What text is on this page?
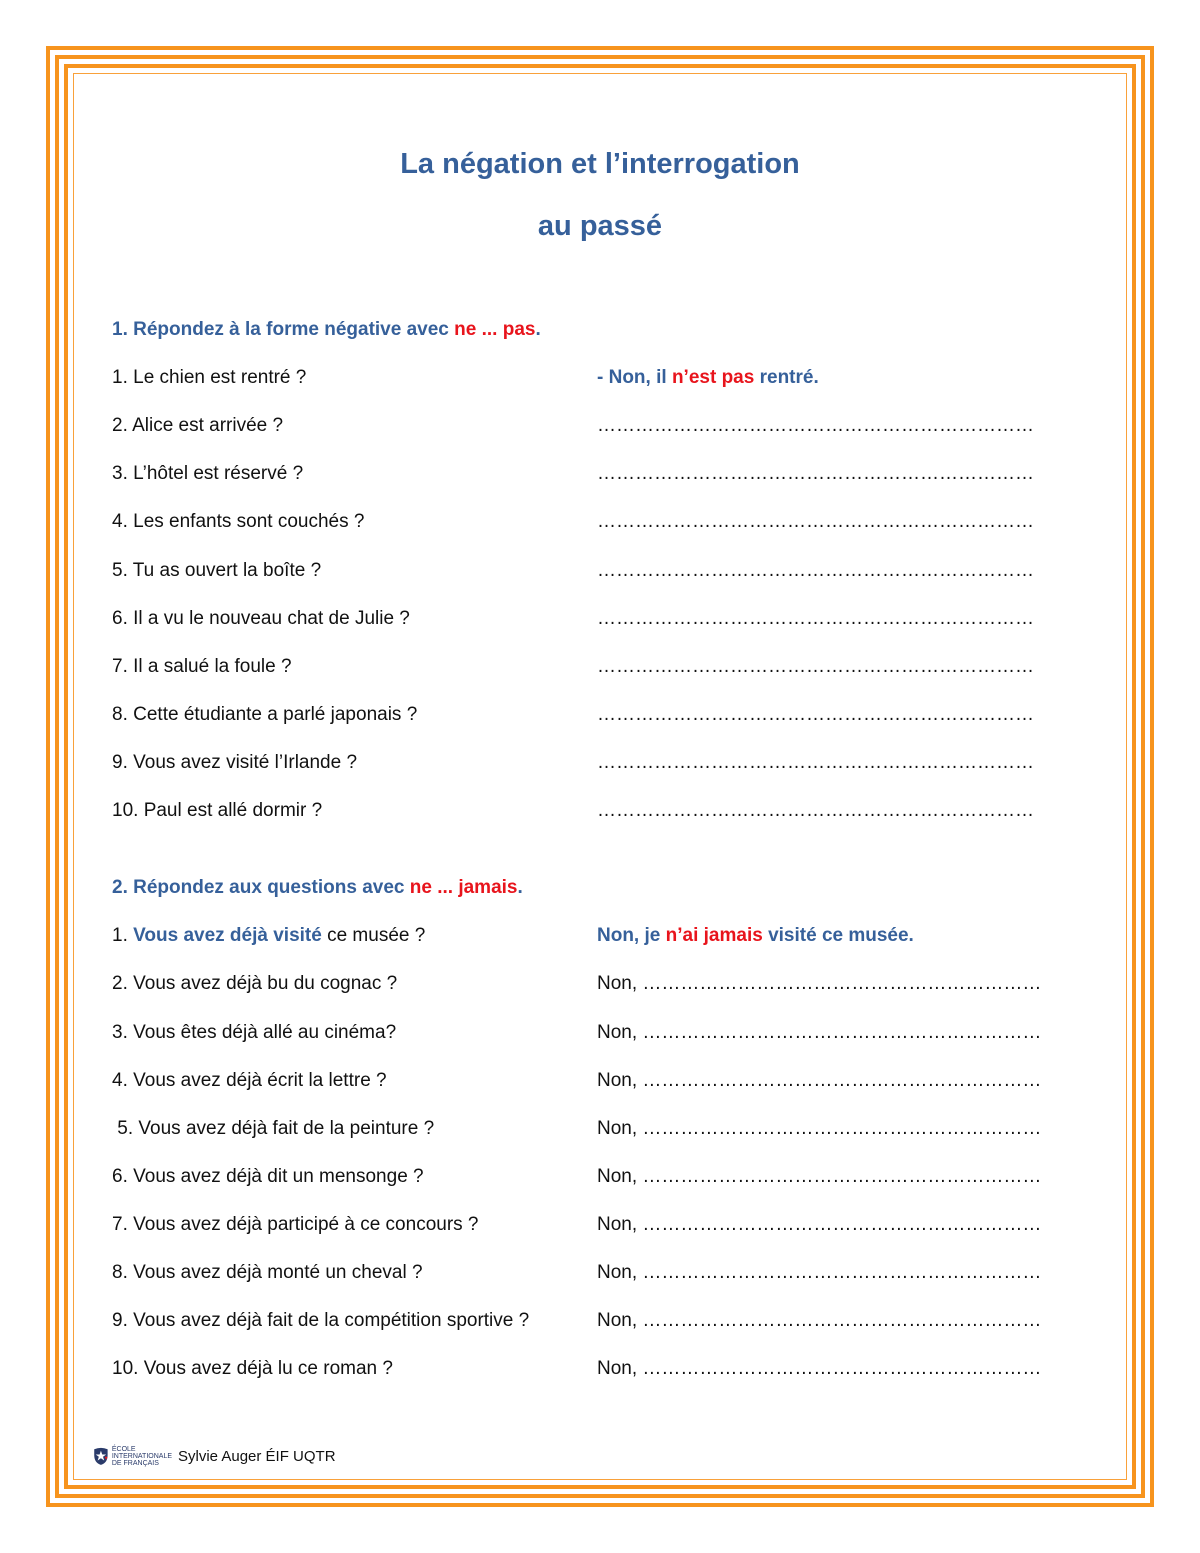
La négation et l’interrogation
au passé
1. Répondez à la forme négative avec ne ... pas.
1. Le chien est rentré ?	- Non, il n’est pas rentré.
2. Alice est arrivée ?	……………………………………………………………
3. L’hôtel est réservé ?	……………………………………………………………
4. Les enfants sont couchés ?	……………………………………………………………
5. Tu as ouvert la boîte ?	……………………………………………………………
6. Il a vu le nouveau chat de Julie ?	……………………………………………………………
7. Il a salué la foule ?	……………………………………………………………
8. Cette étudiante a parlé japonais ?	……………………………………………………………
9. Vous avez visité l’Irlande ?	……………………………………………………………
10. Paul est allé dormir ?	……………………………………………………………
2. Répondez aux questions avec ne ... jamais.
1. Vous avez déjà visité ce musée ?	Non, je n’ai jamais visité ce musée.
2. Vous avez déjà bu du cognac ?	Non, ………………………………………………………
3. Vous êtes déjà allé au cinéma?	Non, ………………………………………………………
4. Vous avez déjà écrit la lettre ?	Non, ………………………………………………………
5. Vous avez déjà fait de la peinture ?	Non, ………………………………………………………
6. Vous avez déjà dit un mensonge ?	Non, ………………………………………………………
7. Vous avez déjà participé à ce concours ?	Non, ………………………………………………………
8. Vous avez déjà monté un cheval ?	Non, ………………………………………………………
9. Vous avez déjà fait de la compétition sportive ?	Non, ………………………………………………………
10. Vous avez déjà lu ce roman ?	Non, ………………………………………………………
ÉCOLE
INTERNATIONALE
DE FRANÇAIS	Sylvie Auger ÉIF UQTR
